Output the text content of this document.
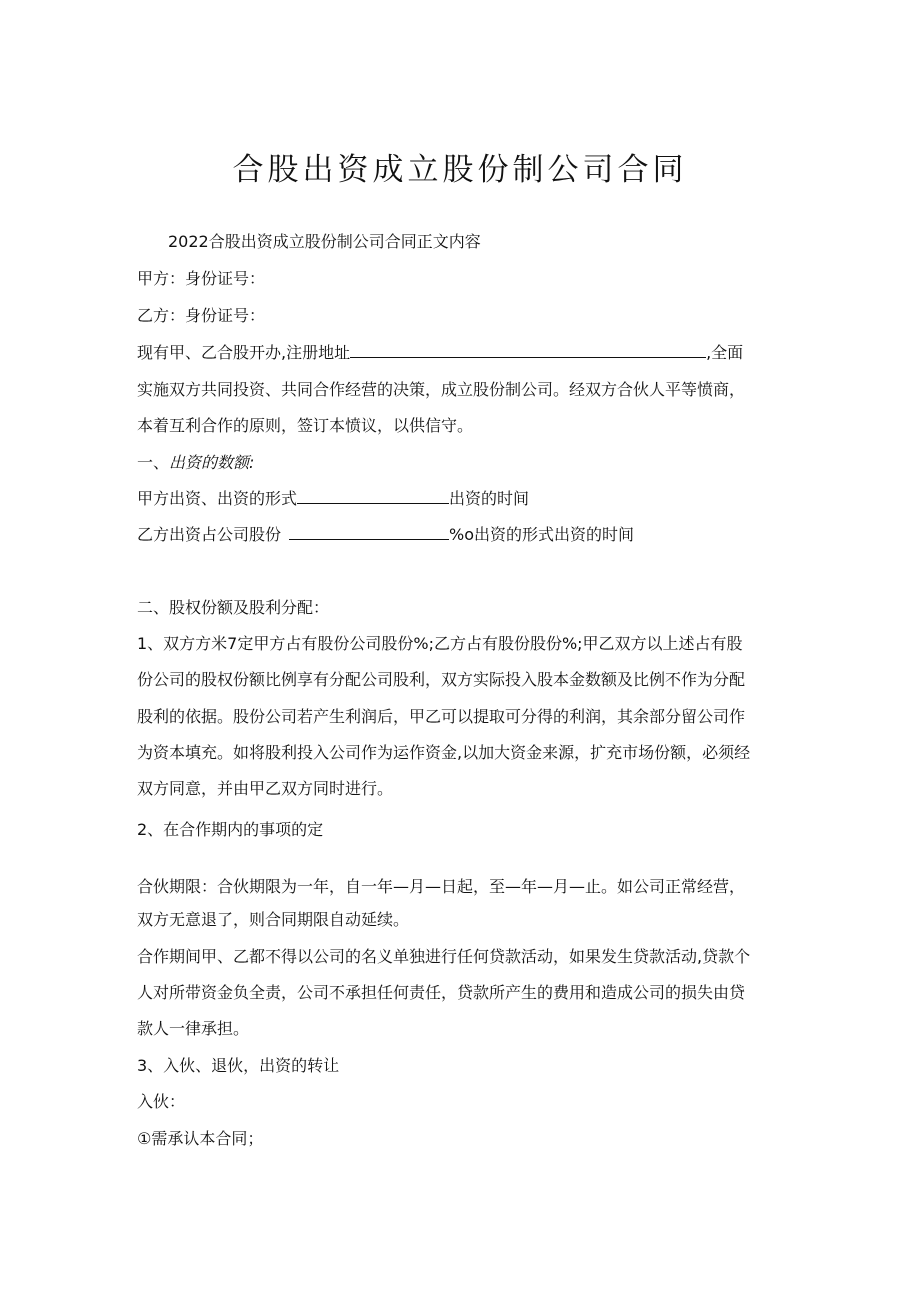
合股出资成立股份制公司合同
2022合股出资成立股份制公司合同正文内容
甲方：身份证号：
乙方：身份证号：
现有甲、乙合股开办,注册地址	,全面
实施双方共同投资、共同合作经营的决策，成立股份制公司。经双方合伙人平等愤商，
本着互利合作的原则，签订本愤议，以供信守。
一、出资的数额:
甲方出资、出资的形式	出资的时间
乙方出资占公司股份	%o出资的形式出资的时间
二、股权份额及股利分配：
1、双方方米7定甲方占有股份公司股份%;乙方占有股份股份%;甲乙双方以上述占有股
份公司的股权份额比例享有分配公司股利，双方实际投入股本金数额及比例不作为分配
股利的依据。股份公司若产生利润后，甲乙可以提取可分得的利润，其余部分留公司作
为资本填充。如将股利投入公司作为运作资金,以加大资金来源，扩充市场份额，必须经
双方同意，并由甲乙双方同时进行。
2、在合作期内的事项的定
合伙期限：合伙期限为一年，自一年—月—日起，至—年—月—止。如公司正常经营，
双方无意退了，则合同期限自动延续。
合作期间甲、乙都不得以公司的名义单独进行任何贷款活动，如果发生贷款活动,贷款个
人对所带资金负全责，公司不承担任何责任，贷款所产生的费用和造成公司的损失由贷
款人一律承担。
3、入伙、退伙，出资的转让
入伙：
①需承认本合同；
